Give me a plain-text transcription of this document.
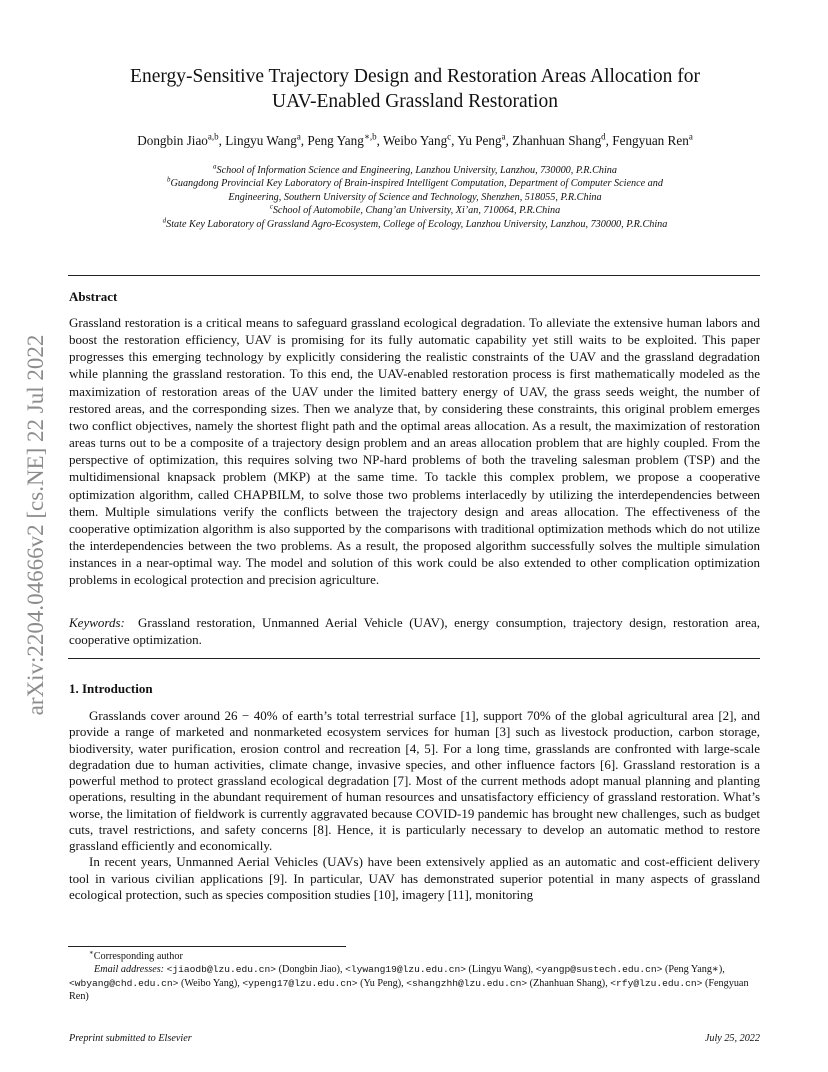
arXiv:2204.04666v2 [cs.NE] 22 Jul 2022
Energy-Sensitive Trajectory Design and Restoration Areas Allocation for
UAV-Enabled Grassland Restoration
Dongbin Jiao$^{a,b}$, Lingyu Wang$^a$, Peng Yang$^{∗,b}$, Weibo Yang$^c$, Yu Peng$^a$, Zhanhuan Shang$^d$, Fengyuan Ren$^a$
$^a$School of Information Science and Engineering, Lanzhou University, Lanzhou, 730000, P.R.China
$^b$Guangdong Provincial Key Laboratory of Brain-inspired Intelligent Computation, Department of Computer Science and
Engineering, Southern University of Science and Technology, Shenzhen, 518055, P.R.China
$^c$School of Automobile, Chang’an University, Xi’an, 710064, P.R.China
$^d$State Key Laboratory of Grassland Agro-Ecosystem, College of Ecology, Lanzhou University, Lanzhou, 730000, P.R.China
Abstract

Grassland restoration is a critical means to safeguard grassland ecological degradation. To alleviate the extensive human labors and boost the restoration efficiency, UAV is promising for its fully automatic capability yet still waits to be exploited. This paper progresses this emerging technology by explicitly considering the realistic constraints of the UAV and the grassland degradation while planning the grassland restoration. To this end, the UAV-enabled restoration process is first mathematically modeled as the maximization of restoration areas of the UAV under the limited battery energy of UAV, the grass seeds weight, the number of restored areas, and the corresponding sizes. Then we analyze that, by considering these constraints, this original problem emerges two conflict objectives, namely the shortest flight path and the optimal areas allocation. As a result, the maximization of restoration areas turns out to be a composite of a trajectory design problem and an areas allocation problem that are highly coupled. From the perspective of optimization, this requires solving two NP-hard problems of both the traveling salesman problem (TSP) and the multidimensional knapsack problem (MKP) at the same time. To tackle this complex problem, we propose a cooperative optimization algorithm, called CHAPBILM, to solve those two problems interlacedly by utilizing the interdependencies between them. Multiple simulations verify the conflicts between the trajectory design and areas allocation. The effectiveness of the cooperative optimization algorithm is also supported by the comparisons with traditional optimization methods which do not utilize the interdependencies between the two problems. As a result, the proposed algorithm successfully solves the multiple simulation instances in a near-optimal way. The model and solution of this work could be also extended to other complication optimization problems in ecological protection and precision agriculture.

Keywords: Grassland restoration, Unmanned Aerial Vehicle (UAV), energy consumption, trajectory design, restoration area, cooperative optimization.

1. Introduction

Grasslands cover around 26 − 40% of earth’s total terrestrial surface [1], support 70% of the global agricultural area [2], and provide a range of marketed and nonmarketed ecosystem services for human [3] such as livestock production, carbon storage, biodiversity, water purification, erosion control and recreation [4, 5]. For a long time, grasslands are confronted with large-scale degradation due to human activities, climate change, invasive species, and other influence factors [6]. Grassland restoration is a powerful method to protect grassland ecological degradation [7]. Most of the current methods adopt manual planning and planting operations, resulting in the abundant requirement of human resources and unsatisfactory efficiency of grassland restoration. What’s worse, the limitation of fieldwork is currently aggravated because COVID-19 pandemic has brought new challenges, such as budget cuts, travel restrictions, and safety concerns [8]. Hence, it is particularly necessary to develop an automatic method to restore grassland efficiently and economically.

In recent years, Unmanned Aerial Vehicles (UAVs) have been extensively applied as an automatic and cost-efficient delivery tool in various civilian applications [9]. In particular, UAV has demonstrated superior potential in many aspects of grassland ecological protection, such as species composition studies [10], imagery [11], monitoring

∗Corresponding author
Email addresses: <jiaodb@lzu.edu.cn> (Dongbin Jiao), <lywang19@lzu.edu.cn> (Lingyu Wang), <yangp@sustech.edu.cn> (Peng Yang∗), <wbyang@chd.edu.cn> (Weibo Yang), <ypeng17@lzu.edu.cn> (Yu Peng), <shangzhh@lzu.edu.cn> (Zhanhuan Shang), <rfy@lzu.edu.cn> (Fengyuan Ren)
Preprint submitted to Elsevier	July 25, 2022
